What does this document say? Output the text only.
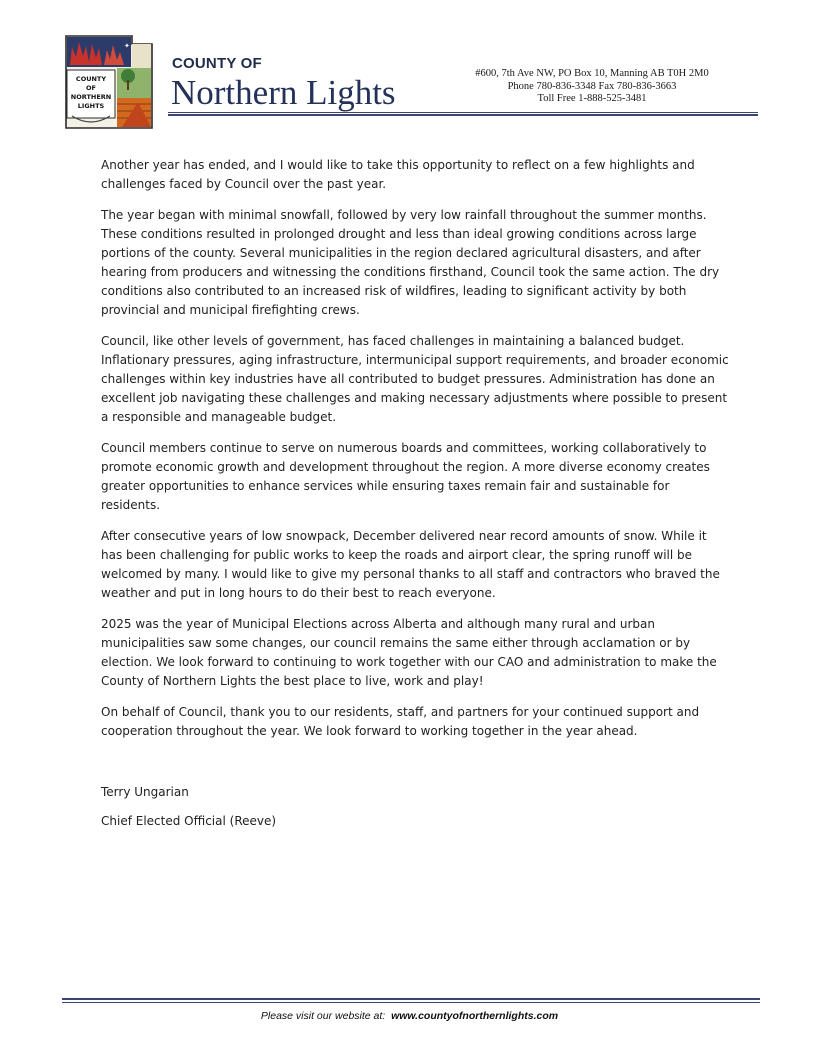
✦
COUNTY
OF
NORTHERN
LIGHTS
COUNTY OF
Northern Lights	#600, 7th Ave NW, PO Box 10, Manning AB T0H 2M0
Phone 780-836-3348 Fax 780-836-3663
Toll Free 1-888-525-3481

Another year has ended, and I would like to take this opportunity to reflect on a few highlights and challenges faced by Council over the past year.

The year began with minimal snowfall, followed by very low rainfall throughout the summer months. These conditions resulted in prolonged drought and less than ideal growing conditions across large portions of the county. Several municipalities in the region declared agricultural disasters, and after hearing from producers and witnessing the conditions firsthand, Council took the same action. The dry conditions also contributed to an increased risk of wildfires, leading to significant activity by both provincial and municipal firefighting crews.

Council, like other levels of government, has faced challenges in maintaining a balanced budget. Inflationary pressures, aging infrastructure, intermunicipal support requirements, and broader economic challenges within key industries have all contributed to budget pressures. Administration has done an excellent job navigating these challenges and making necessary adjustments where possible to present a responsible and manageable budget.

Council members continue to serve on numerous boards and committees, working collaboratively to promote economic growth and development throughout the region. A more diverse economy creates greater opportunities to enhance services while ensuring taxes remain fair and sustainable for residents.

After consecutive years of low snowpack, December delivered near record amounts of snow. While it has been challenging for public works to keep the roads and airport clear, the spring runoff will be welcomed by many. I would like to give my personal thanks to all staff and contractors who braved the weather and put in long hours to do their best to reach everyone.

2025 was the year of Municipal Elections across Alberta and although many rural and urban municipalities saw some changes, our council remains the same either through acclamation or by election. We look forward to continuing to work together with our CAO and administration to make the County of Northern Lights the best place to live, work and play!

On behalf of Council, thank you to our residents, staff, and partners for your continued support and cooperation throughout the year. We look forward to working together in the year ahead.

Terry Ungarian
Chief Elected Official (Reeve)
Please visit our website at: www.countyofnorthernlights.com
